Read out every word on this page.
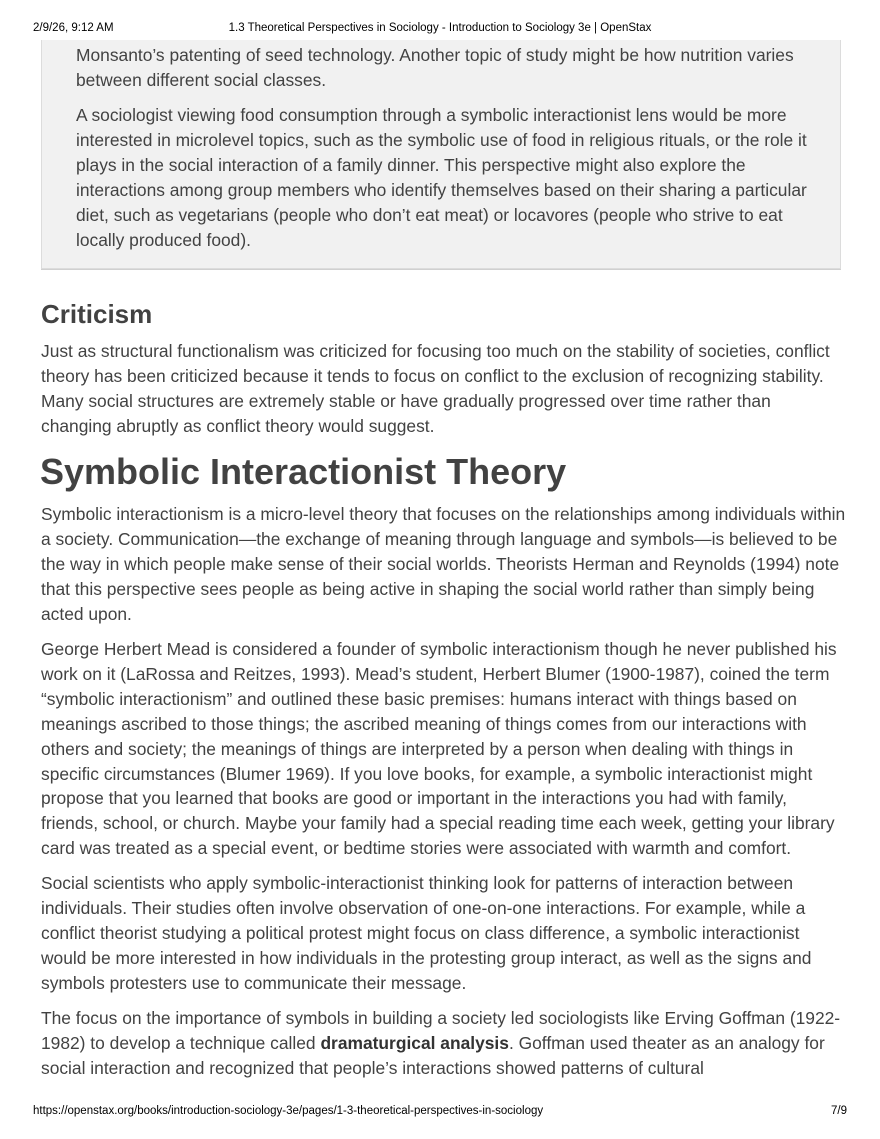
2/9/26, 9:12 AM	1.3 Theoretical Perspectives in Sociology - Introduction to Sociology 3e | OpenStax

Monsanto’s patenting of seed technology. Another topic of study might be how nutrition varies between different social classes.

A sociologist viewing food consumption through a symbolic interactionist lens would be more interested in microlevel topics, such as the symbolic use of food in religious rituals, or the role it plays in the social interaction of a family dinner. This perspective might also explore the interactions among group members who identify themselves based on their sharing a particular diet, such as vegetarians (people who don’t eat meat) or locavores (people who strive to eat locally produced food).

Criticism

Just as structural functionalism was criticized for focusing too much on the stability of societies, conflict theory has been criticized because it tends to focus on conflict to the exclusion of recognizing stability. Many social structures are extremely stable or have gradually progressed over time rather than changing abruptly as conflict theory would suggest.

Symbolic Interactionist Theory

Symbolic interactionism is a micro-level theory that focuses on the relationships among individuals within a society. Communication—the exchange of meaning through language and symbols—is believed to be the way in which people make sense of their social worlds. Theorists Herman and Reynolds (1994) note that this perspective sees people as being active in shaping the social world rather than simply being acted upon.

George Herbert Mead is considered a founder of symbolic interactionism though he never published his work on it (LaRossa and Reitzes, 1993). Mead’s student, Herbert Blumer (1900-1987), coined the term “symbolic interactionism” and outlined these basic premises: humans interact with things based on meanings ascribed to those things; the ascribed meaning of things comes from our interactions with others and society; the meanings of things are interpreted by a person when dealing with things in specific circumstances (Blumer 1969). If you love books, for example, a symbolic interactionist might propose that you learned that books are good or important in the interactions you had with family, friends, school, or church. Maybe your family had a special reading time each week, getting your library card was treated as a special event, or bedtime stories were associated with warmth and comfort.

Social scientists who apply symbolic-interactionist thinking look for patterns of interaction between individuals. Their studies often involve observation of one-on-one interactions. For example, while a conflict theorist studying a political protest might focus on class difference, a symbolic interactionist would be more interested in how individuals in the protesting group interact, as well as the signs and symbols protesters use to communicate their message.

The focus on the importance of symbols in building a society led sociologists like Erving Goffman (1922-1982) to develop a technique called dramaturgical analysis. Goffman used theater as an analogy for social interaction and recognized that people’s interactions showed patterns of cultural

https://openstax.org/books/introduction-sociology-3e/pages/1-3-theoretical-perspectives-in-sociology	7/9
